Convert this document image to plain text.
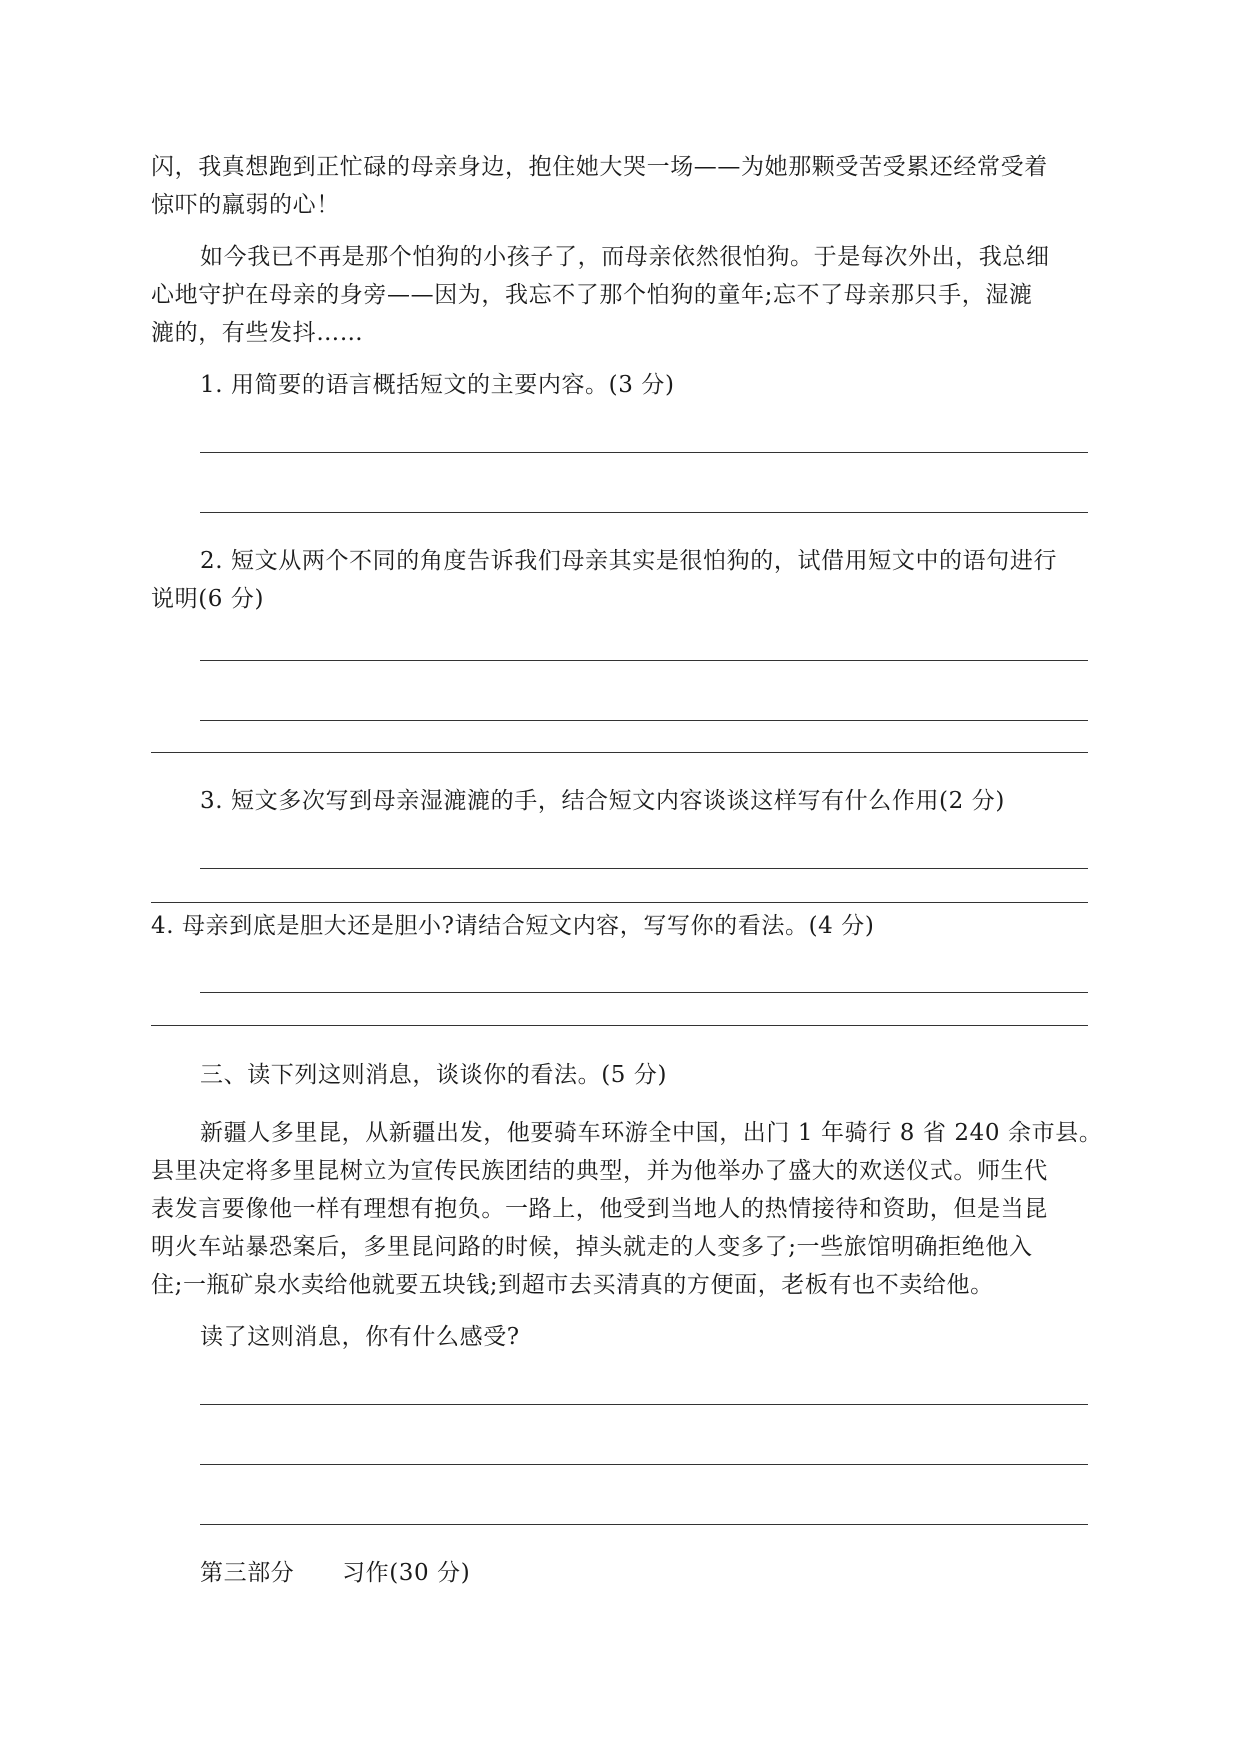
闪，我真想跑到正忙碌的母亲身边，抱住她大哭一场——为她那颗受苦受累还经常受着

惊吓的羸弱的心！

如今我已不再是那个怕狗的小孩子了，而母亲依然很怕狗。于是每次外出，我总细

心地守护在母亲的身旁——因为，我忘不了那个怕狗的童年;忘不了母亲那只手，湿漉

漉的，有些发抖……

1. 用简要的语言概括短文的主要内容。(3 分)

2. 短文从两个不同的角度告诉我们母亲其实是很怕狗的，试借用短文中的语句进行

说明(6 分)

3. 短文多次写到母亲湿漉漉的手，结合短文内容谈谈这样写有什么作用(2 分)

4. 母亲到底是胆大还是胆小?请结合短文内容，写写你的看法。(4 分)

三、读下列这则消息，谈谈你的看法。(5 分)

新疆人多里昆，从新疆出发，他要骑车环游全中国，出门 1 年骑行 8 省 240 余市县。

县里决定将多里昆树立为宣传民族团结的典型，并为他举办了盛大的欢送仪式。师生代

表发言要像他一样有理想有抱负。一路上，他受到当地人的热情接待和资助，但是当昆

明火车站暴恐案后，多里昆问路的时候，掉头就走的人变多了;一些旅馆明确拒绝他入

住;一瓶矿泉水卖给他就要五块钱;到超市去买清真的方便面，老板有也不卖给他。

读了这则消息，你有什么感受?

第三部分 习作(30 分)
